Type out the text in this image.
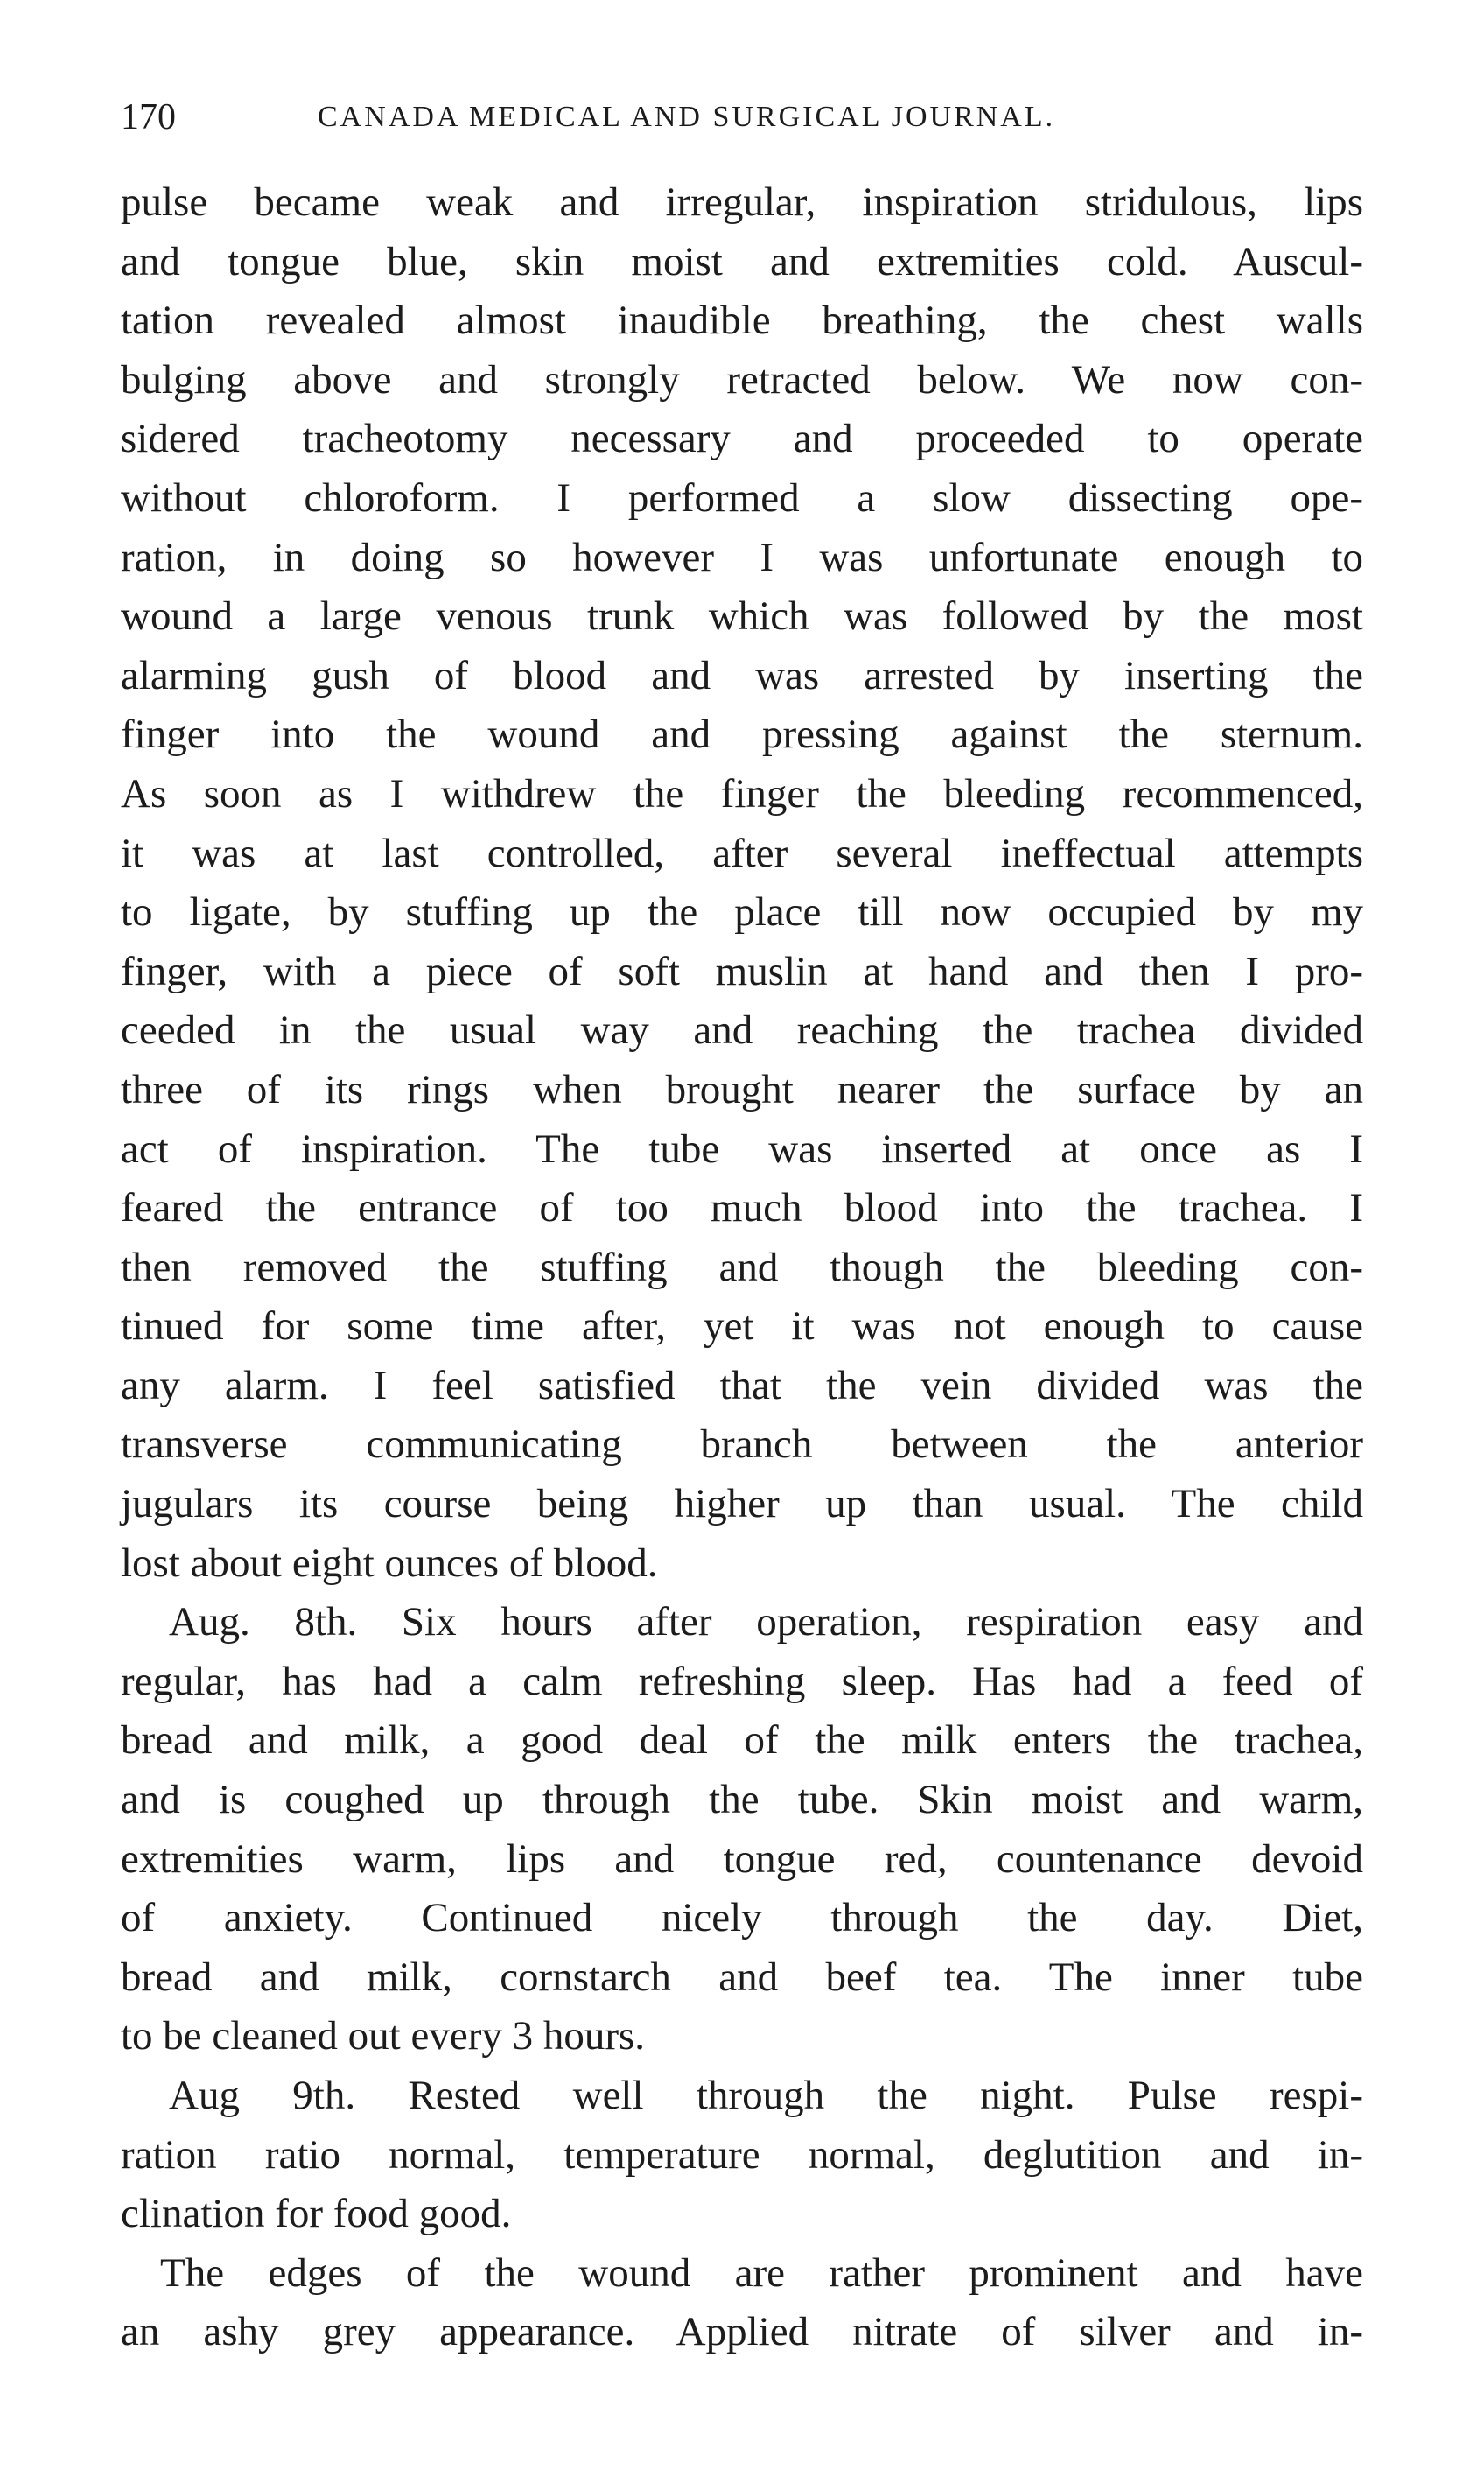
170	CANADA MEDICAL AND SURGICAL JOURNAL.
pulse became weak and irregular, inspiration stridulous, lips
and tongue blue, skin moist and extremities cold. Auscul-
tation revealed almost inaudible breathing, the chest walls
bulging above and strongly retracted below. We now con-
sidered tracheotomy necessary and proceeded to operate
without chloroform. I performed a slow dissecting ope-
ration, in doing so however I was unfortunate enough to
wound a large venous trunk which was followed by the most
alarming gush of blood and was arrested by inserting the
finger into the wound and pressing against the sternum.
As soon as I withdrew the finger the bleeding recommenced,
it was at last controlled, after several ineffectual attempts
to ligate, by stuffing up the place till now occupied by my
finger, with a piece of soft muslin at hand and then I pro-
ceeded in the usual way and reaching the trachea divided
three of its rings when brought nearer the surface by an
act of inspiration. The tube was inserted at once as I
feared the entrance of too much blood into the trachea. I
then removed the stuffing and though the bleeding con-
tinued for some time after, yet it was not enough to cause
any alarm. I feel satisfied that the vein divided was the
transverse communicating branch between the anterior
jugulars its course being higher up than usual. The child
lost about eight ounces of blood.
Aug. 8th. Six hours after operation, respiration easy and
regular, has had a calm refreshing sleep. Has had a feed of
bread and milk, a good deal of the milk enters the trachea,
and is coughed up through the tube. Skin moist and warm,
extremities warm, lips and tongue red, countenance devoid
of anxiety. Continued nicely through the day. Diet,
bread and milk, cornstarch and beef tea. The inner tube
to be cleaned out every 3 hours.
Aug 9th. Rested well through the night. Pulse respi-
ration ratio normal, temperature normal, deglutition and in-
clination for food good.
The edges of the wound are rather prominent and have
an ashy grey appearance. Applied nitrate of silver and in-
